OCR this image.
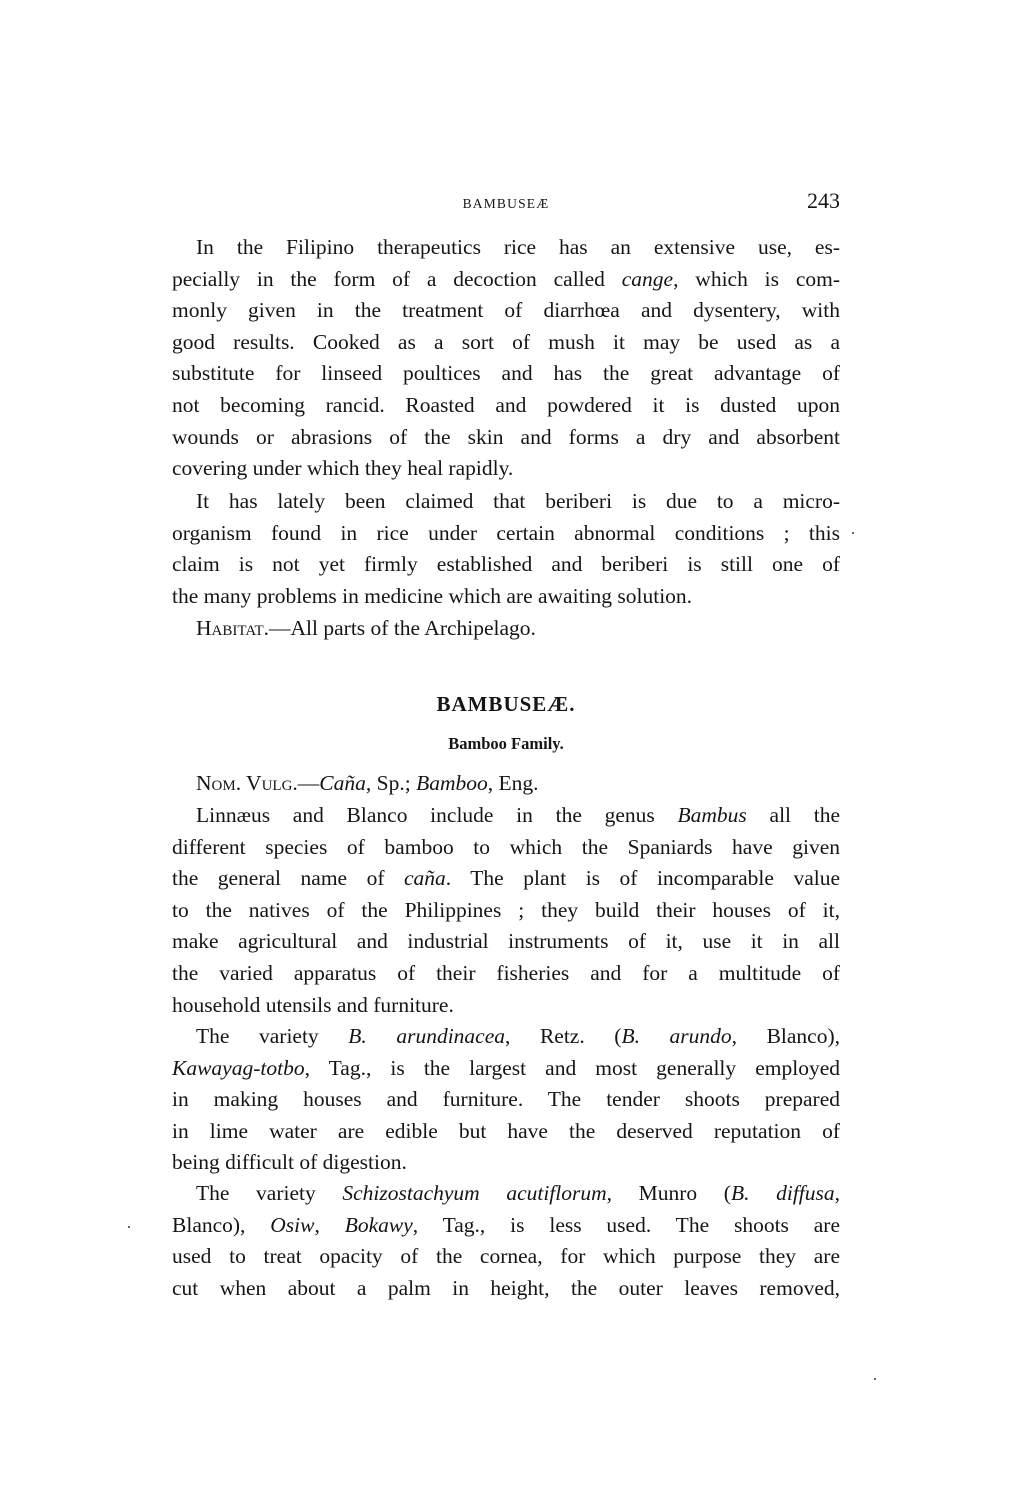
BAMBUSEÆ	243
In the Filipino therapeutics rice has an extensive use, es-
pecially in the form of a decoction called cange, which is com-
monly given in the treatment of diarrhœa and dysentery, with
good results. Cooked as a sort of mush it may be used as a
substitute for linseed poultices and has the great advantage of
not becoming rancid. Roasted and powdered it is dusted upon
wounds or abrasions of the skin and forms a dry and absorbent
covering under which they heal rapidly.
It has lately been claimed that beriberi is due to a micro-
organism found in rice under certain abnormal conditions ; this
claim is not yet firmly established and beriberi is still one of
the many problems in medicine which are awaiting solution.
Habitat.—All parts of the Archipelago.
BAMBUSEÆ.
Bamboo Family.
Nom. Vulg.—Caña, Sp.; Bamboo, Eng.
Linnæus and Blanco include in the genus Bambus all the
different species of bamboo to which the Spaniards have given
the general name of caña. The plant is of incomparable value
to the natives of the Philippines ; they build their houses of it,
make agricultural and industrial instruments of it, use it in all
the varied apparatus of their fisheries and for a multitude of
household utensils and furniture.
The variety B. arundinacea, Retz. (B. arundo, Blanco),
Kawayag-totbo, Tag., is the largest and most generally employed
in making houses and furniture. The tender shoots prepared
in lime water are edible but have the deserved reputation of
being difficult of digestion.
The variety Schizostachyum acutiflorum, Munro (B. diffusa,
Blanco), Osiw, Bokawy, Tag., is less used. The shoots are
used to treat opacity of the cornea, for which purpose they are
cut when about a palm in height, the outer leaves removed,
